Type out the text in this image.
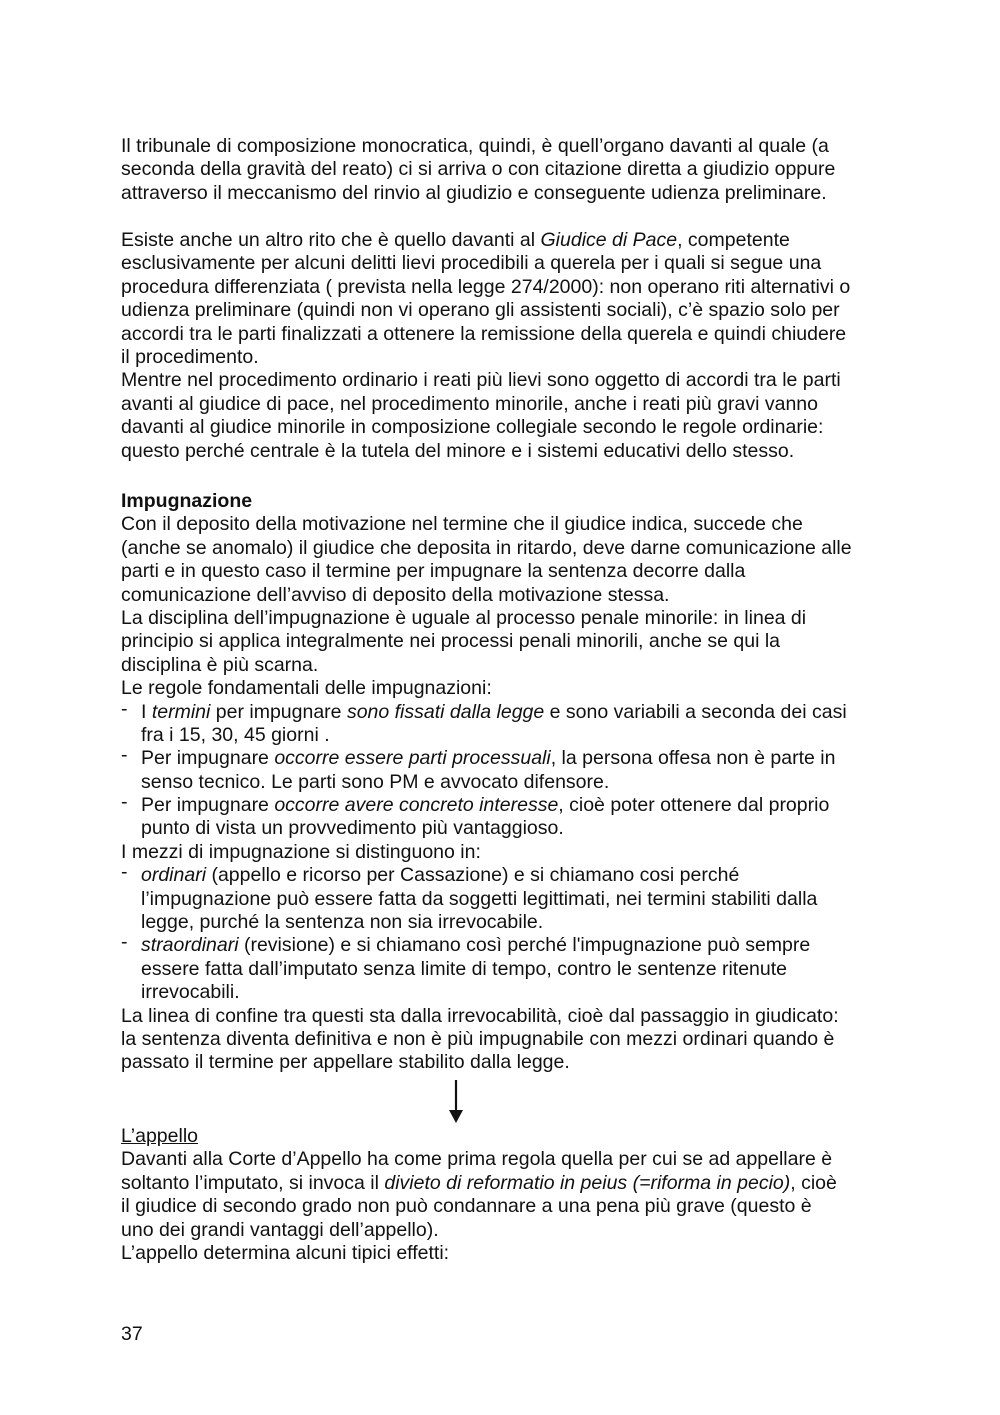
Il tribunale di composizione monocratica, quindi, è quell’organo davanti al quale (a
seconda della gravità del reato) ci si arriva o con citazione diretta a giudizio oppure
attraverso il meccanismo del rinvio al giudizio e conseguente udienza preliminare.
Esiste anche un altro rito che è quello davanti al Giudice di Pace, competente
esclusivamente per alcuni delitti lievi procedibili a querela per i quali si segue una
procedura differenziata ( prevista nella legge 274/2000): non operano riti alternativi o
udienza preliminare (quindi non vi operano gli assistenti sociali), c’è spazio solo per
accordi tra le parti finalizzati a ottenere la remissione della querela e quindi chiudere
il procedimento.
Mentre nel procedimento ordinario i reati più lievi sono oggetto di accordi tra le parti
avanti al giudice di pace, nel procedimento minorile, anche i reati più gravi vanno
davanti al giudice minorile in composizione collegiale secondo le regole ordinarie:
questo perché centrale è la tutela del minore e i sistemi educativi dello stesso.
Impugnazione
Con il deposito della motivazione nel termine che il giudice indica, succede che
(anche se anomalo) il giudice che deposita in ritardo, deve darne comunicazione alle
parti e in questo caso il termine per impugnare la sentenza decorre dalla
comunicazione dell’avviso di deposito della motivazione stessa.
La disciplina dell’impugnazione è uguale al processo penale minorile: in linea di
principio si applica integralmente nei processi penali minorili, anche se qui la
disciplina è più scarna.
Le regole fondamentali delle impugnazioni:
- I termini per impugnare sono fissati dalla legge e sono variabili a seconda dei casi
fra i 15, 30, 45 giorni .
- Per impugnare occorre essere parti processuali, la persona offesa non è parte in
senso tecnico. Le parti sono PM e avvocato difensore.
- Per impugnare occorre avere concreto interesse, cioè poter ottenere dal proprio
punto di vista un provvedimento più vantaggioso.
I mezzi di impugnazione si distinguono in:
- ordinari (appello e ricorso per Cassazione) e si chiamano cosi perché
l’impugnazione può essere fatta da soggetti legittimati, nei termini stabiliti dalla
legge, purché la sentenza non sia irrevocabile.
- straordinari (revisione) e si chiamano così perché l'impugnazione può sempre
essere fatta dall’imputato senza limite di tempo, contro le sentenze ritenute
irrevocabili.
La linea di confine tra questi sta dalla irrevocabilità, cioè dal passaggio in giudicato:
la sentenza diventa definitiva e non è più impugnabile con mezzi ordinari quando è
passato il termine per appellare stabilito dalla legge.
L’appello
Davanti alla Corte d’Appello ha come prima regola quella per cui se ad appellare è
soltanto l’imputato, si invoca il divieto di reformatio in peius (=riforma in pecio), cioè
il giudice di secondo grado non può condannare a una pena più grave (questo è
uno dei grandi vantaggi dell’appello).
L’appello determina alcuni tipici effetti:
37
